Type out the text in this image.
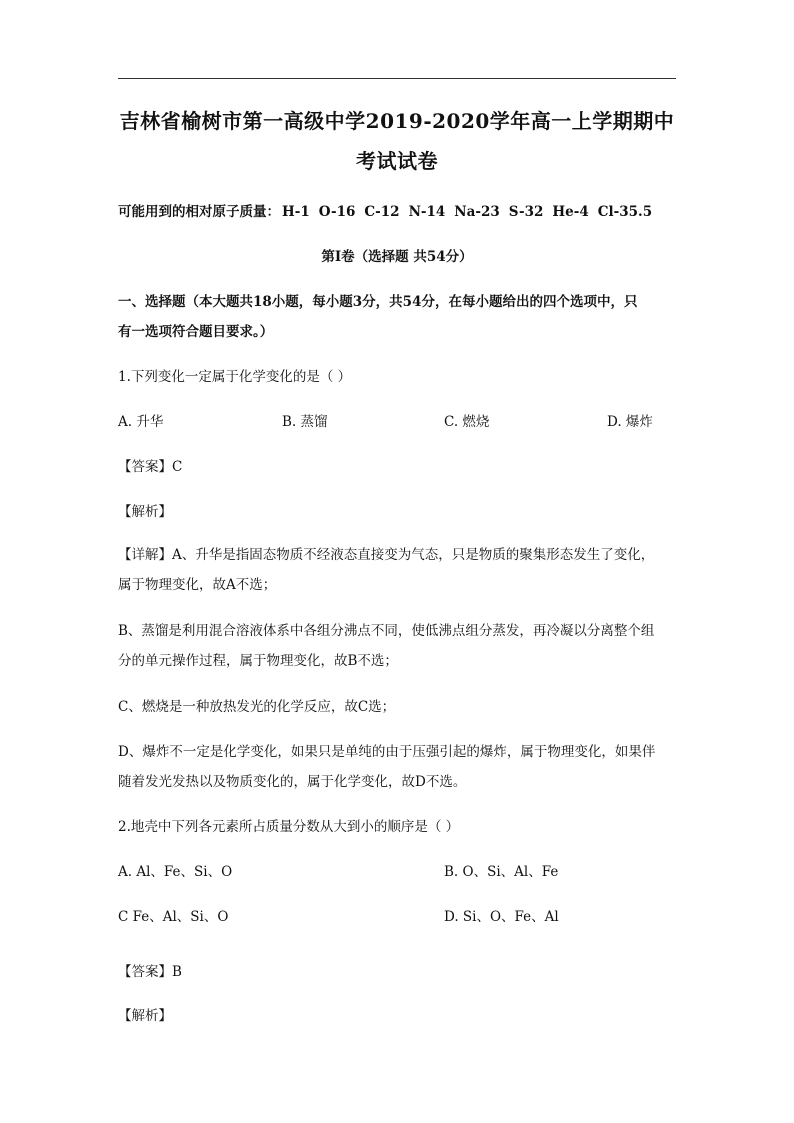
吉林省榆树市第一高级中学2019-2020学年高一上学期期中
考试试卷
可能用到的相对原子质量： H-1 O-16 C-12 N-14 Na-23 S-32 He-4 Cl-35.5
第I卷（选择题 共54分）
一、选择题（本大题共18小题，每小题3分，共54分，在每小题给出的四个选项中，只
有一选项符合题目要求。）
1.下列变化一定属于化学变化的是（ ）
A. 升华	B. 蒸馏	C. 燃烧	D. 爆炸
【答案】C
【解析】
【详解】A、升华是指固态物质不经液态直接变为气态，只是物质的聚集形态发生了变化，
属于物理变化，故A不选；
B、蒸馏是利用混合溶液体系中各组分沸点不同，使低沸点组分蒸发，再冷凝以分离整个组
分的单元操作过程，属于物理变化，故B不选；
C、燃烧是一种放热发光的化学反应，故C选；
D、爆炸不一定是化学变化，如果只是单纯的由于压强引起的爆炸，属于物理变化，如果伴
随着发光发热以及物质变化的，属于化学变化，故D不选。
2.地壳中下列各元素所占质量分数从大到小的顺序是（ ）
A. Al、Fe、Si、O	B. O、Si、Al、Fe
C Fe、Al、Si、O	D. Si、O、Fe、Al
【答案】B
【解析】
